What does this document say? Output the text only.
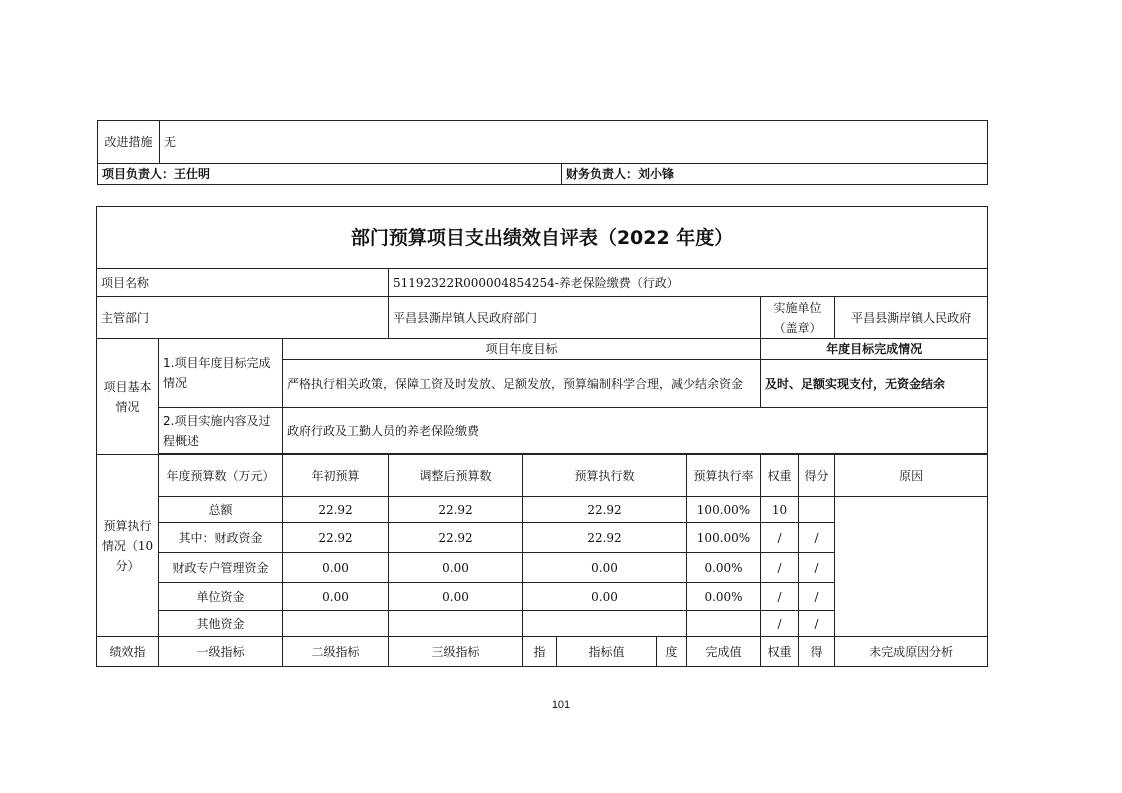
改进措施	无	
项目负责人：王仕明		财务负责人：刘小锋
部门预算项目支出绩效自评表（2022 年度）										
项目名称			51192322R000004854254-养老保险缴费（行政）							
主管部门			平昌县澌岸镇人民政府部门					实施单位（盖章）		平昌县澌岸镇人民政府
项目基本情况	1.项目年度目标完成情况	项目年度目标						年度目标完成情况		
		严格执行相关政策，保障工资及时发放、足额发放，预算编制科学合理，减少结余资金						及时、足额实现支付，无资金结余		
	2.项目实施内容及过程概述	政府行政及工勤人员的养老保险缴费								

预算执行情况（10 分）	年度预算数（万元）	年初预算	调整后预算数	预算执行数			预算执行率	权重	得分	原因
	总额	22.92	22.92	22.92			100.00%	10		
	其中：财政资金	22.92	22.92	22.92			100.00%	/	/	
	财政专户管理资金	0.00	0.00	0.00			0.00%	/	/	
	单位资金	0.00	0.00	0.00			0.00%	/	/	
	其他资金							/	/	
绩效指	一级指标	二级指标	三级指标	指	指标值	度	完成值	权重	得	未完成原因分析
101
